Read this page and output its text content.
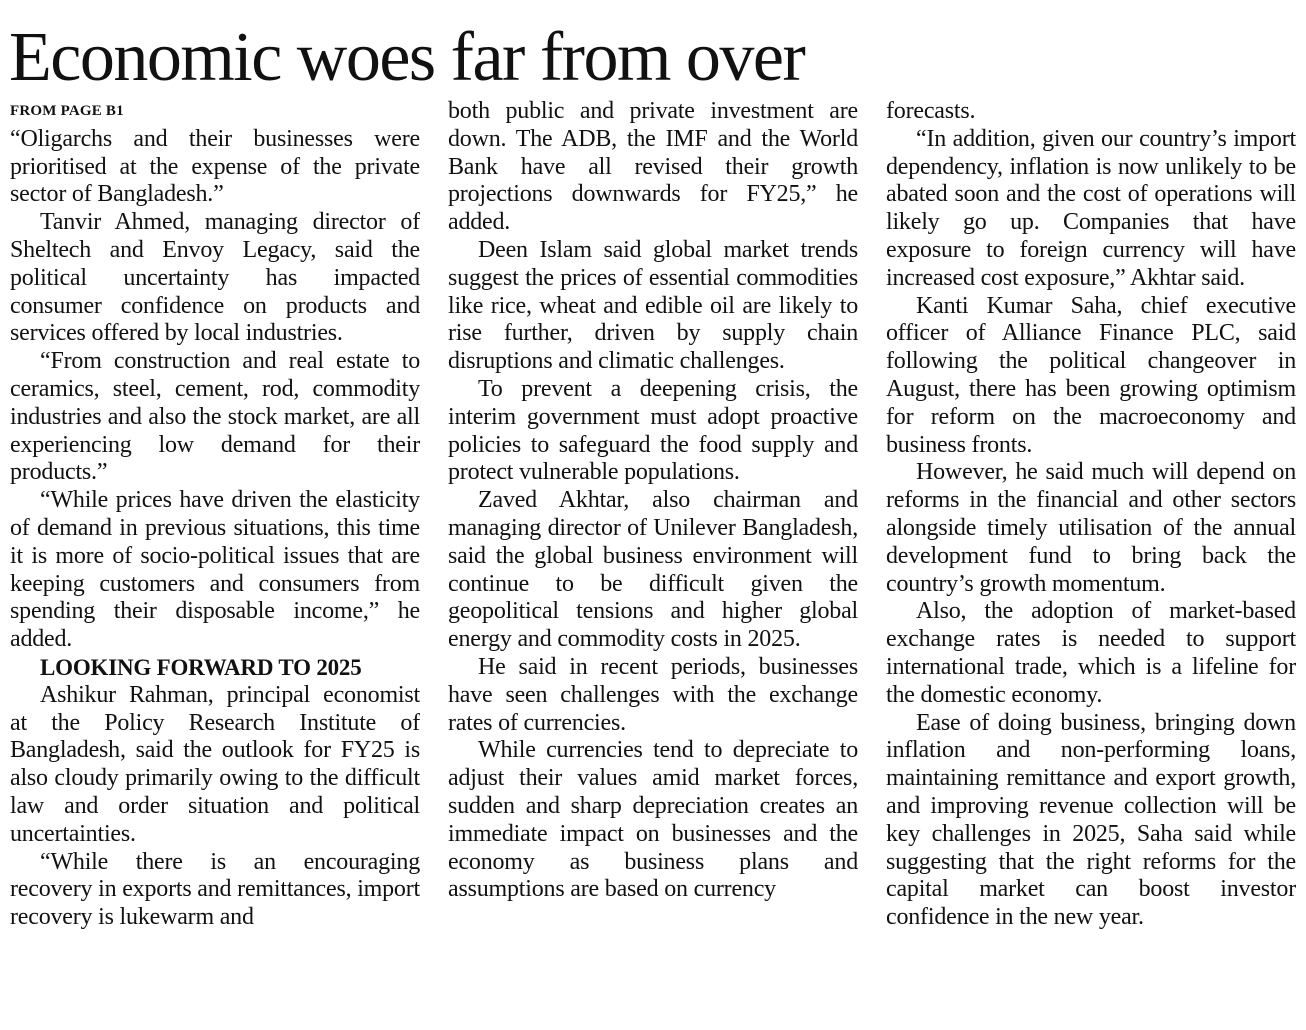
Economic woes far from over
FROM PAGE B1

“Oligarchs and their businesses were prioritised at the expense of the private sector of Bangladesh.”

Tanvir Ahmed, managing director of Sheltech and Envoy Legacy, said the political uncertainty has impacted consumer confidence on products and services offered by local industries.

“From construction and real estate to ceramics, steel, cement, rod, commodity industries and also the stock market, are all experiencing low demand for their products.”

“While prices have driven the elasticity of demand in previous situations, this time it is more of socio-political issues that are keeping customers and consumers from spending their disposable income,” he added.

LOOKING FORWARD TO 2025

Ashikur Rahman, principal economist at the Policy Research Institute of Bangladesh, said the outlook for FY25 is also cloudy primarily owing to the difficult law and order situation and political uncertainties.

“While there is an encouraging recovery in exports and remittances, import recovery is lukewarm and

both public and private investment are down. The ADB, the IMF and the World Bank have all revised their growth projections downwards for FY25,” he added.

Deen Islam said global market trends suggest the prices of essential commodities like rice, wheat and edible oil are likely to rise further, driven by supply chain disruptions and climatic challenges.

To prevent a deepening crisis, the interim government must adopt proactive policies to safeguard the food supply and protect vulnerable populations.

Zaved Akhtar, also chairman and managing director of Unilever Bangladesh, said the global business environment will continue to be difficult given the geopolitical tensions and higher global energy and commodity costs in 2025.

He said in recent periods, businesses have seen challenges with the exchange rates of currencies.

While currencies tend to depreciate to adjust their values amid market forces, sudden and sharp depreciation creates an immediate impact on businesses and the economy as business plans and assumptions are based on currency

forecasts.

“In addition, given our country’s import dependency, inflation is now unlikely to be abated soon and the cost of operations will likely go up. Companies that have exposure to foreign currency will have increased cost exposure,” Akhtar said.

Kanti Kumar Saha, chief executive officer of Alliance Finance PLC, said following the political changeover in August, there has been growing optimism for reform on the macroeconomy and business fronts.

However, he said much will depend on reforms in the financial and other sectors alongside timely utilisation of the annual development fund to bring back the country’s growth momentum.

Also, the adoption of market-based exchange rates is needed to support international trade, which is a lifeline for the domestic economy.

Ease of doing business, bringing down inflation and non-performing loans, maintaining remittance and export growth, and improving revenue collection will be key challenges in 2025, Saha said while suggesting that the right reforms for the capital market can boost investor confidence in the new year.
